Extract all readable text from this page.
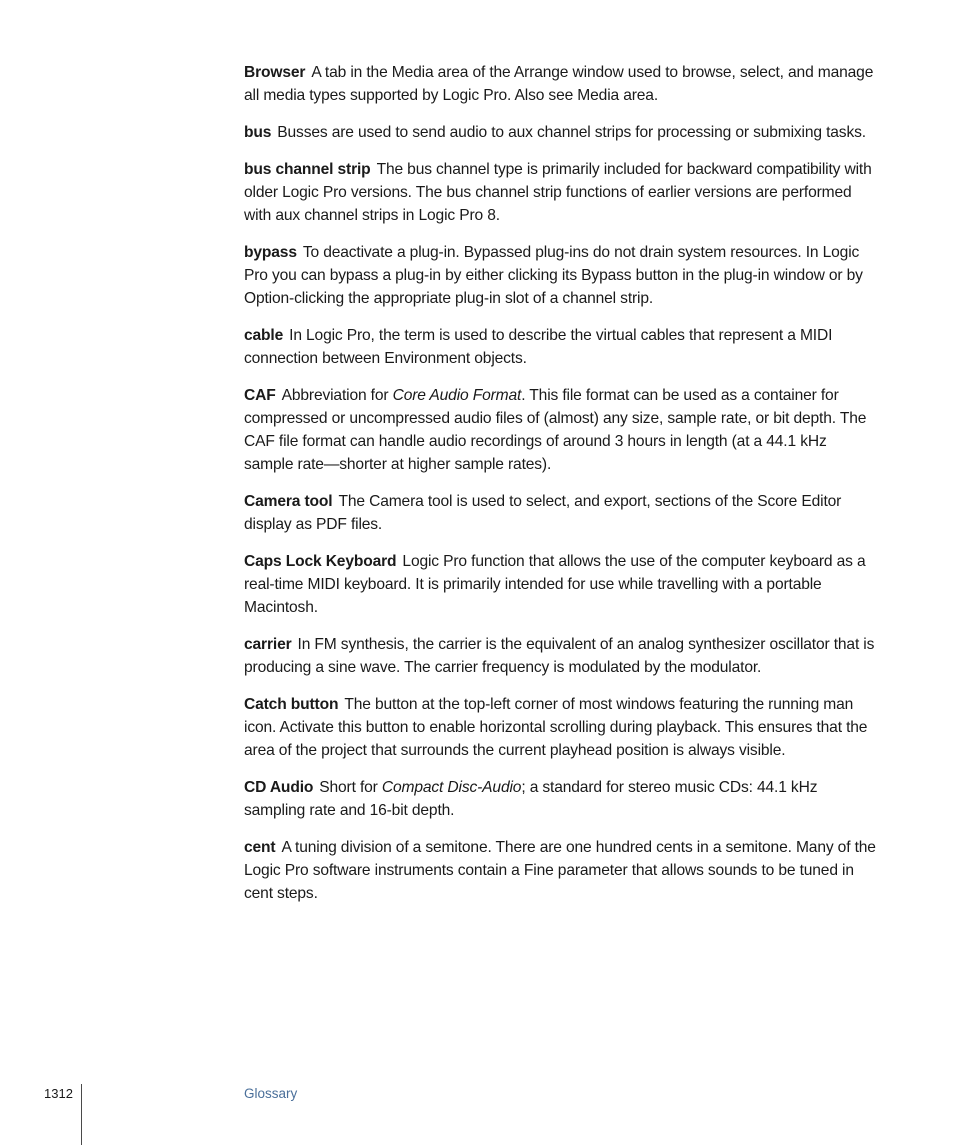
Browser A tab in the Media area of the Arrange window used to browse, select, and manage all media types supported by Logic Pro. Also see Media area.

bus Busses are used to send audio to aux channel strips for processing or submixing tasks.

bus channel strip The bus channel type is primarily included for backward compatibility with older Logic Pro versions. The bus channel strip functions of earlier versions are performed with aux channel strips in Logic Pro 8.

bypass To deactivate a plug-in. Bypassed plug-ins do not drain system resources. In Logic Pro you can bypass a plug-in by either clicking its Bypass button in the plug-in window or by Option-clicking the appropriate plug-in slot of a channel strip.

cable In Logic Pro, the term is used to describe the virtual cables that represent a MIDI connection between Environment objects.

CAF Abbreviation for Core Audio Format. This file format can be used as a container for compressed or uncompressed audio files of (almost) any size, sample rate, or bit depth. The CAF file format can handle audio recordings of around 3 hours in length (at a 44.1 kHz sample rate—shorter at higher sample rates).

Camera tool The Camera tool is used to select, and export, sections of the Score Editor display as PDF files.

Caps Lock Keyboard Logic Pro function that allows the use of the computer keyboard as a real-time MIDI keyboard. It is primarily intended for use while travelling with a portable Macintosh.

carrier In FM synthesis, the carrier is the equivalent of an analog synthesizer oscillator that is producing a sine wave. The carrier frequency is modulated by the modulator.

Catch button The button at the top-left corner of most windows featuring the running man icon. Activate this button to enable horizontal scrolling during playback. This ensures that the area of the project that surrounds the current playhead position is always visible.

CD Audio Short for Compact Disc-Audio; a standard for stereo music CDs: 44.1 kHz sampling rate and 16-bit depth.

cent A tuning division of a semitone. There are one hundred cents in a semitone. Many of the Logic Pro software instruments contain a Fine parameter that allows sounds to be tuned in cent steps.

1312	Glossary
